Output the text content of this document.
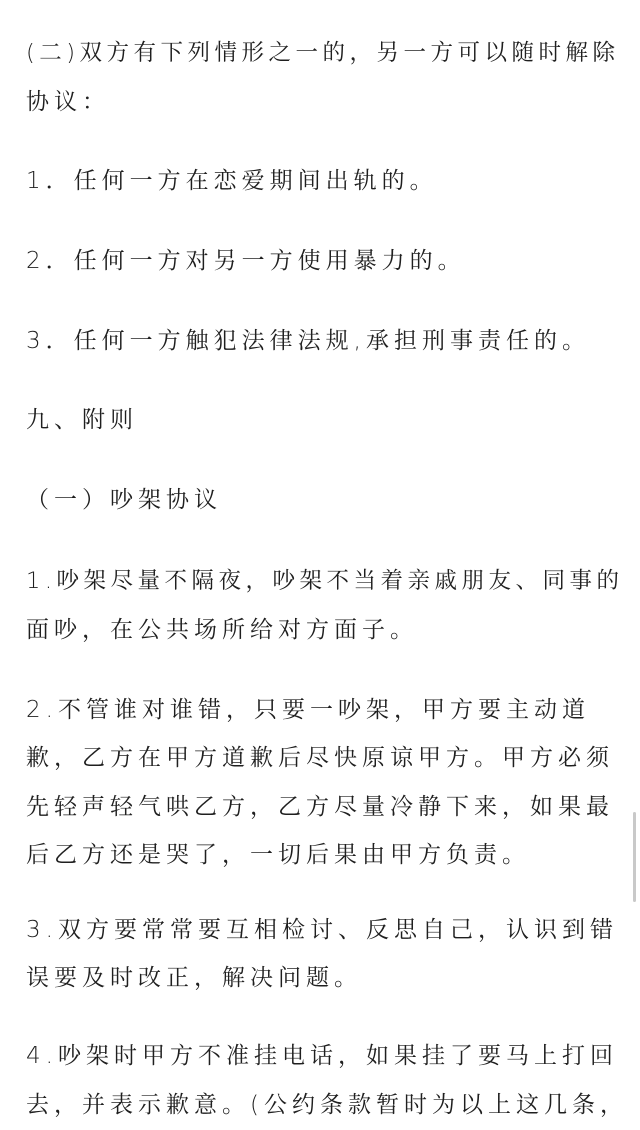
(二)双方有下列情形之一的，另一方可以随时解除
协议：
1．任何一方在恋爱期间出轨的。
2．任何一方对另一方使用暴力的。
3．任何一方触犯法律法规,承担刑事责任的。
九、附则
（一）吵架协议
1.吵架尽量不隔夜，吵架不当着亲戚朋友、同事的
面吵，在公共场所给对方面子。
2.不管谁对谁错，只要一吵架，甲方要主动道
歉，乙方在甲方道歉后尽快原谅甲方。甲方必须
先轻声轻气哄乙方，乙方尽量冷静下来，如果最
后乙方还是哭了，一切后果由甲方负责。
3.双方要常常要互相检讨、反思自己，认识到错
误要及时改正，解决问题。
4.吵架时甲方不准挂电话，如果挂了要马上打回
去，并表示歉意。(公约条款暂时为以上这几条，
